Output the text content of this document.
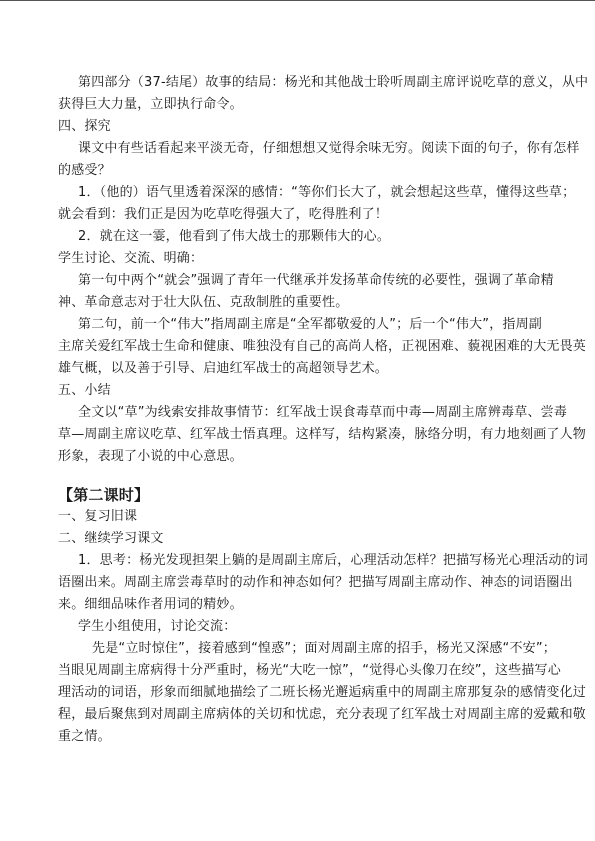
第四部分（37-结尾）故事的结局：杨光和其他战士聆听周副主席评说吃草的意义，从中

获得巨大力量，立即执行命令。

四、探究

课文中有些话看起来平淡无奇，仔细想想又觉得余味无穷。阅读下面的句子，你有怎样

的感受？

1．（他的）语气里透着深深的感情：“等你们长大了，就会想起这些草，懂得这些草；

就会看到：我们正是因为吃草吃得强大了，吃得胜利了！

2．就在这一霎，他看到了伟大战士的那颗伟大的心。

学生讨论、交流、明确：

第一句中两个“就会”强调了青年一代继承并发扬革命传统的必要性，强调了革命精

神、革命意志对于壮大队伍、克敌制胜的重要性。

第二句，前一个“伟大”指周副主席是“全军都敬爱的人”；后一个“伟大”，指周副

主席关爱红军战士生命和健康、唯独没有自己的高尚人格，正视困难、藐视困难的大无畏英

雄气概，以及善于引导、启迪红军战士的高超领导艺术。

五、小结

全文以“草”为线索安排故事情节：红军战士误食毒草而中毒—周副主席辨毒草、尝毒

草—周副主席议吃草、红军战士悟真理。这样写，结构紧凑，脉络分明，有力地刻画了人物

形象，表现了小说的中心意思。

【第二课时】

一、复习旧课

二、继续学习课文

1．思考：杨光发现担架上躺的是周副主席后，心理活动怎样？把描写杨光心理活动的词

语圈出来。周副主席尝毒草时的动作和神态如何？把描写周副主席动作、神态的词语圈出

来。细细品味作者用词的精妙。

学生小组使用，讨论交流：

先是“立时惊住”，接着感到“惶惑”；面对周副主席的招手，杨光又深感“不安”；

当眼见周副主席病得十分严重时，杨光“大吃一惊”，“觉得心头像刀在绞”，这些描写心

理活动的词语，形象而细腻地描绘了二班长杨光邂逅病重中的周副主席那复杂的感情变化过

程，最后聚焦到对周副主席病体的关切和忧虑，充分表现了红军战士对周副主席的爱戴和敬

重之情。
